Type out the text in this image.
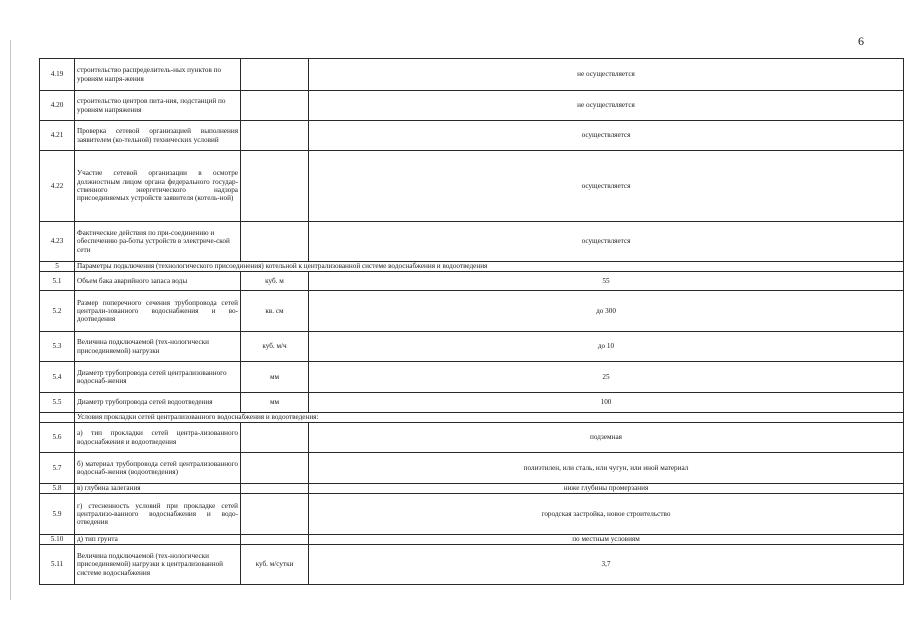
6
4.19	строительство распределитель-ных пунктов по уровням напря-жения		не осуществляется
4.20	строительство центров пита-ния, подстанций по уровням напряжения		не осуществляется
4.21	Проверка сетевой организацией выполнения заявителем (ко-тельной) технических условий		осуществляется
4.22	Участие сетевой организации в осмотре должностным лицом органа федерального государ-ственного энергетического надзора присоединяемых устройств заявителя (котель-ной)		осуществляется
4.23	Фактические действия по при-соединению и обеспечению ра-боты устройств в электриче-ской сети		осуществляется
5	Параметры подключения (технологического присоединения) котельной к централизованной системе водоснабжения и водоотведения		
5.1	Объем бака аварийного запаса воды	куб. м	55
5.2	Размер поперечного сечения трубопровода сетей централи-зованного водоснабжения и во-доотведения	кв. см	до 300
5.3	Величина подключаемой (тех-нологически присоединяемой) нагрузки	куб. м/ч	до 10
5.4	Диаметр трубопровода сетей централизованного водоснаб-жения	мм	25
5.5	Диаметр трубопровода сетей водоотведения	мм	100
	Условия прокладки сетей централизованного водоснабжения и водоотведения:		
5.6	а) тип прокладки сетей центра-лизованного водоснабжения и водоотведения		подземная
5.7	б) материал трубопровода сетей централизованного водоснаб-жения (водоотведения)		полиэтилен, или сталь, или чугун, или иной материал
5.8	в) глубина залегания		ниже глубины промерзания
5.9	г) стесненность условий при прокладке сетей централизо-ванного водоснабжения и водо-отведения		городская застройка, новое строительство
5.10	д) тип грунта		по местным условиям
5.11	Величина подключаемой (тех-нологически присоединяемой) нагрузки к централизованной системе водоснабжения	куб. м/сутки	3,7
